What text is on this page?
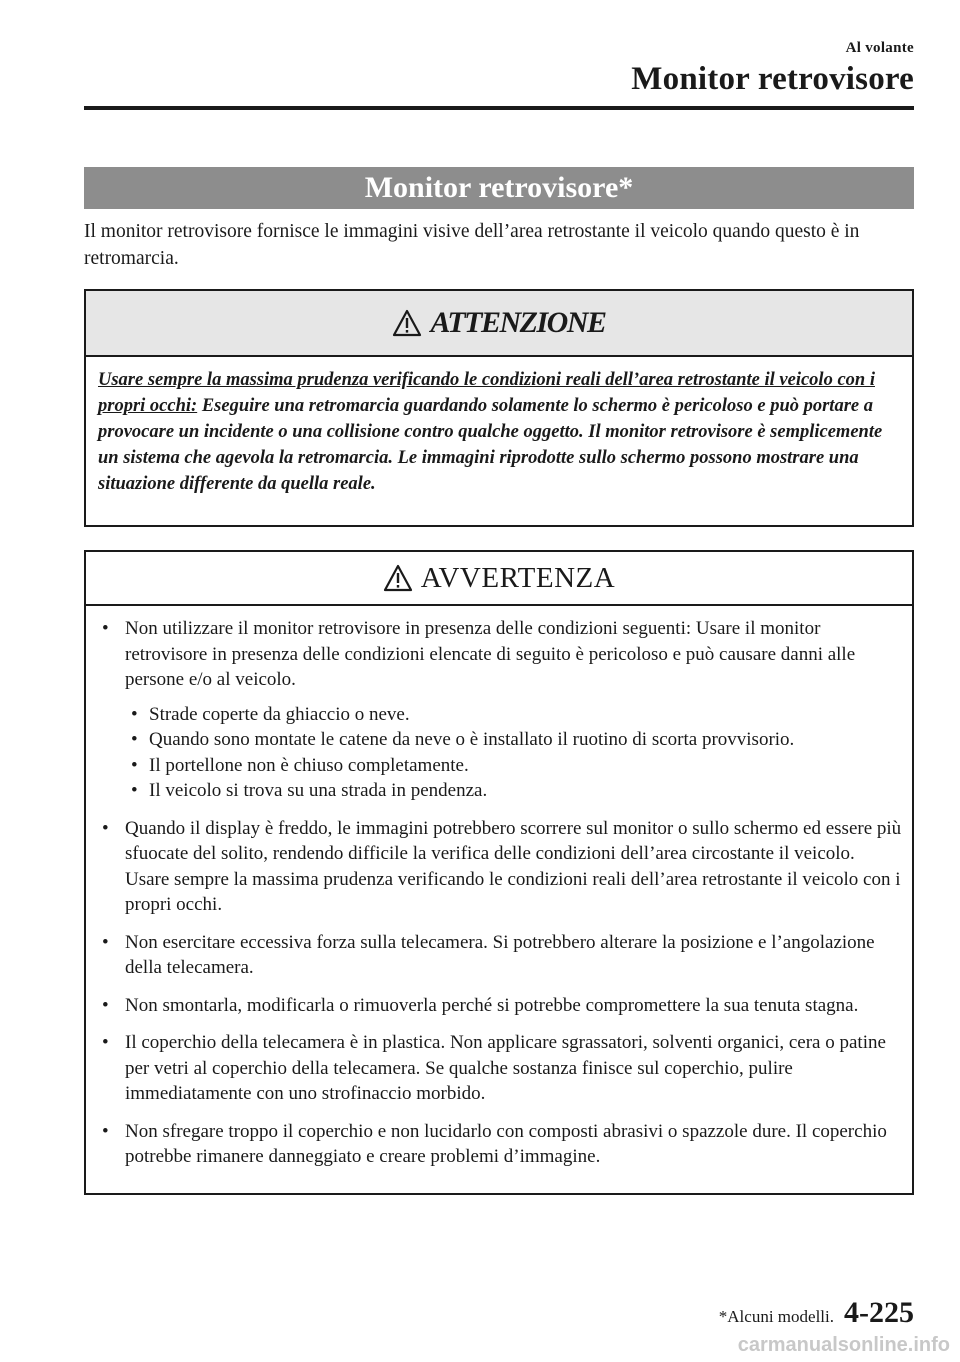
Al volante
Monitor retrovisore
Monitor retrovisore*
Il monitor retrovisore fornisce le immagini visive dell’area retrostante il veicolo quando questo è in retromarcia.
ATTENZIONE
Usare sempre la massima prudenza verificando le condizioni reali dell’area retrostante il veicolo con i propri occhi: Eseguire una retromarcia guardando solamente lo schermo è pericoloso e può portare a provocare un incidente o una collisione contro qualche oggetto. Il monitor retrovisore è semplicemente un sistema che agevola la retromarcia. Le immagini riprodotte sullo schermo possono mostrare una situazione differente da quella reale.
AVVERTENZA
• Non utilizzare il monitor retrovisore in presenza delle condizioni seguenti: Usare il monitor retrovisore in presenza delle condizioni elencate di seguito è pericoloso e può causare danni alle persone e/o al veicolo.
• Strade coperte da ghiaccio o neve.
• Quando sono montate le catene da neve o è installato il ruotino di scorta provvisorio.
• Il portellone non è chiuso completamente.
• Il veicolo si trova su una strada in pendenza.
• Quando il display è freddo, le immagini potrebbero scorrere sul monitor o sullo schermo ed essere più sfuocate del solito, rendendo difficile la verifica delle condizioni dell’area circostante il veicolo. Usare sempre la massima prudenza verificando le condizioni reali dell’area retrostante il veicolo con i propri occhi.
• Non esercitare eccessiva forza sulla telecamera. Si potrebbero alterare la posizione e l’angolazione della telecamera.
• Non smontarla, modificarla o rimuoverla perché si potrebbe compromettere la sua tenuta stagna.
• Il coperchio della telecamera è in plastica. Non applicare sgrassatori, solventi organici, cera o patine per vetri al coperchio della telecamera. Se qualche sostanza finisce sul coperchio, pulire immediatamente con uno strofinaccio morbido.
• Non sfregare troppo il coperchio e non lucidarlo con composti abrasivi o spazzole dure. Il coperchio potrebbe rimanere danneggiato e creare problemi d’immagine.
*Alcuni modelli. 4-225
carmanualsonline.info
